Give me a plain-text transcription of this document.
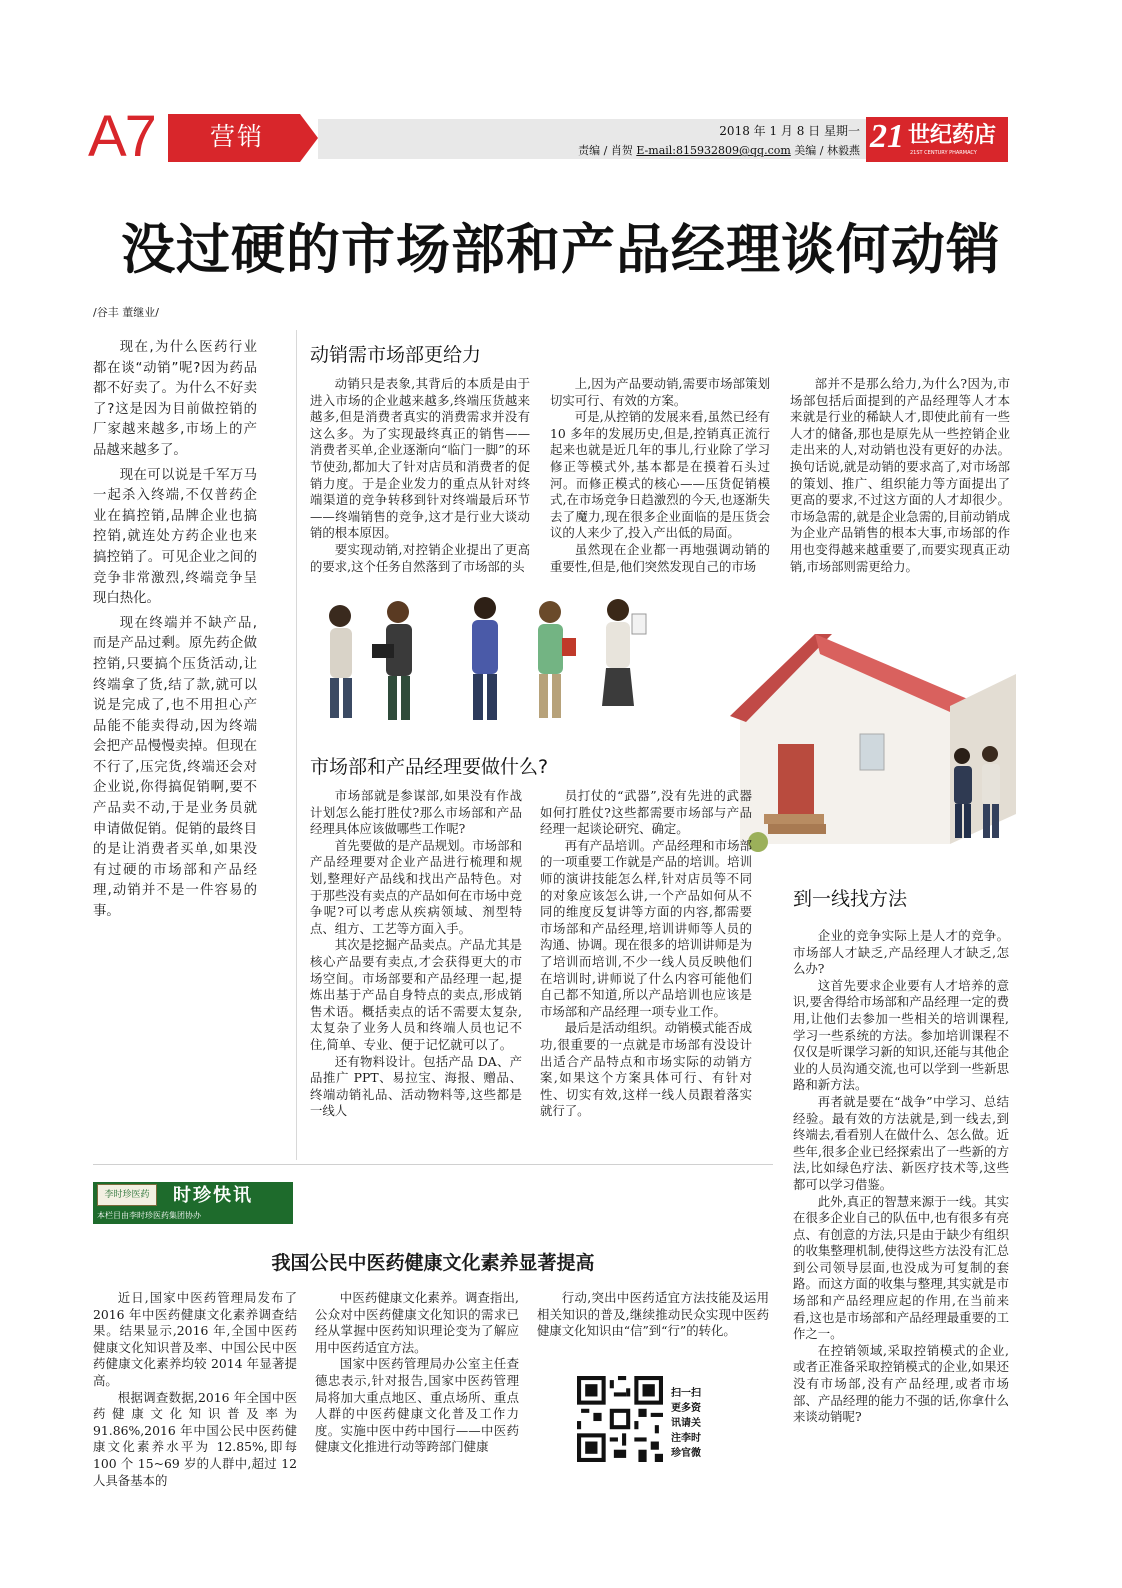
A7 营销	2018 年 1 月 8 日 星期一
责编 / 肖贺 E-mail:815932809@qq.com 美编 / 林毅燕 21 世纪药店
21ST CENTURY PHARMACY
没过硬的市场部和产品经理谈何动销
/谷丰 董继业/

现在,为什么医药行业都在谈“动销”呢?因为药品都不好卖了。为什么不好卖了?这是因为目前做控销的厂家越来越多,市场上的产品越来越多了。

现在可以说是千军万马一起杀入终端,不仅普药企业在搞控销,品牌企业也搞控销,就连处方药企业也来搞控销了。可见企业之间的竞争非常激烈,终端竞争呈现白热化。

现在终端并不缺产品,而是产品过剩。原先药企做控销,只要搞个压货活动,让终端拿了货,结了款,就可以说是完成了,也不用担心产品能不能卖得动,因为终端会把产品慢慢卖掉。但现在不行了,压完货,终端还会对企业说,你得搞促销啊,要不产品卖不动,于是业务员就申请做促销。促销的最终目的是让消费者买单,如果没有过硬的市场部和产品经理,动销并不是一件容易的事。

动销需市场部更给力

动销只是表象,其背后的本质是由于进入市场的企业越来越多,终端压货越来越多,但是消费者真实的消费需求并没有这么多。为了实现最终真正的销售——消费者买单,企业逐渐向“临门一脚”的环节使劲,都加大了针对店员和消费者的促销力度。于是企业发力的重点从针对终端渠道的竞争转移到针对终端最后环节——终端销售的竞争,这才是行业大谈动销的根本原因。

要实现动销,对控销企业提出了更高的要求,这个任务自然落到了市场部的头

上,因为产品要动销,需要市场部策划切实可行、有效的方案。

可是,从控销的发展来看,虽然已经有 10 多年的发展历史,但是,控销真正流行起来也就是近几年的事儿,行业除了学习修正等模式外,基本都是在摸着石头过河。而修正模式的核心——压货促销模式,在市场竞争日趋激烈的今天,也逐渐失去了魔力,现在很多企业面临的是压货会议的人来少了,投入产出低的局面。

虽然现在企业都一再地强调动销的重要性,但是,他们突然发现自己的市场

部并不是那么给力,为什么?因为,市场部包括后面提到的产品经理等人才本来就是行业的稀缺人才,即使此前有一些人才的储备,那也是原先从一些控销企业走出来的人,对动销也没有更好的办法。换句话说,就是动销的要求高了,对市场部的策划、推广、组织能力等方面提出了更高的要求,不过这方面的人才却很少。市场急需的,就是企业急需的,目前动销成为企业产品销售的根本大事,市场部的作用也变得越来越重要了,而要实现真正动销,市场部则需更给力。

市场部和产品经理要做什么?

市场部就是参谋部,如果没有作战计划怎么能打胜仗?那么市场部和产品经理具体应该做哪些工作呢?

首先要做的是产品规划。市场部和产品经理要对企业产品进行梳理和规划,整理好产品线和找出产品特色。对于那些没有卖点的产品如何在市场中竞争呢?可以考虑从疾病领域、剂型特点、组方、工艺等方面入手。

其次是挖掘产品卖点。产品尤其是核心产品要有卖点,才会获得更大的市场空间。市场部要和产品经理一起,提炼出基于产品自身特点的卖点,形成销售术语。概括卖点的话不需要太复杂,太复杂了业务人员和终端人员也记不住,简单、专业、便于记忆就可以了。

还有物料设计。包括产品 DA、产品推广 PPT、易拉宝、海报、赠品、终端动销礼品、活动物料等,这些都是一线人

员打仗的“武器”,没有先进的武器如何打胜仗?这些都需要市场部与产品经理一起谈论研究、确定。

再有产品培训。产品经理和市场部的一项重要工作就是产品的培训。培训师的演讲技能怎么样,针对店员等不同的对象应该怎么讲,一个产品如何从不同的维度反复讲等方面的内容,都需要市场部和产品经理,培训讲师等人员的沟通、协调。现在很多的培训讲师是为了培训而培训,不少一线人员反映他们在培训时,讲师说了什么内容可能他们自己都不知道,所以产品培训也应该是市场部和产品经理一项专业工作。

最后是活动组织。动销模式能否成功,很重要的一点就是市场部有没设计出适合产品特点和市场实际的动销方案,如果这个方案具体可行、有针对性、切实有效,这样一线人员跟着落实就行了。

到一线找方法

企业的竞争实际上是人才的竞争。市场部人才缺乏,产品经理人才缺乏,怎么办?

这首先要求企业要有人才培养的意识,要舍得给市场部和产品经理一定的费用,让他们去参加一些相关的培训课程,学习一些系统的方法。参加培训课程不仅仅是听课学习新的知识,还能与其他企业的人员沟通交流,也可以学到一些新思路和新方法。

再者就是要在“战争”中学习、总结经验。最有效的方法就是,到一线去,到终端去,看看别人在做什么、怎么做。近些年,很多企业已经探索出了一些新的方法,比如绿色疗法、新医疗技术等,这些都可以学习借鉴。

此外,真正的智慧来源于一线。其实在很多企业自己的队伍中,也有很多有亮点、有创意的方法,只是由于缺少有组织的收集整理机制,使得这些方法没有汇总到公司领导层面,也没成为可复制的套路。而这方面的收集与整理,其实就是市场部和产品经理应起的作用,在当前来看,这也是市场部和产品经理最重要的工作之一。

在控销领域,采取控销模式的企业,或者正准备采取控销模式的企业,如果还没有市场部,没有产品经理,或者市场部、产品经理的能力不强的话,你拿什么来谈动销呢?

李时珍医药	时珍快讯
本栏目由李时珍医药集团协办
我国公民中医药健康文化素养显著提高

近日,国家中医药管理局发布了 2016 年中医药健康文化素养调查结果。结果显示,2016 年,全国中医药健康文化知识普及率、中国公民中医药健康文化素养均较 2014 年显著提高。

根据调查数据,2016 年全国中医药健康文化知识普及率为 91.86%,2016 年中国公民中医药健康文化素养水平为 12.85%,即每 100 个 15~69 岁的人群中,超过 12 人具备基本的

中医药健康文化素养。调查指出,公众对中医药健康文化知识的需求已经从掌握中医药知识理论变为了解应用中医药适宜方法。

国家中医药管理局办公室主任查德忠表示,针对报告,国家中医药管理局将加大重点地区、重点场所、重点人群的中医药健康文化普及工作力度。实施中医中药中国行——中医药健康文化推进行动等跨部门健康

行动,突出中医药适宜方法技能及运用相关知识的普及,继续推动民众实现中医药健康文化知识由“信”到“行”的转化。

扫一扫
更多资
讯请关
注李时
珍官微
